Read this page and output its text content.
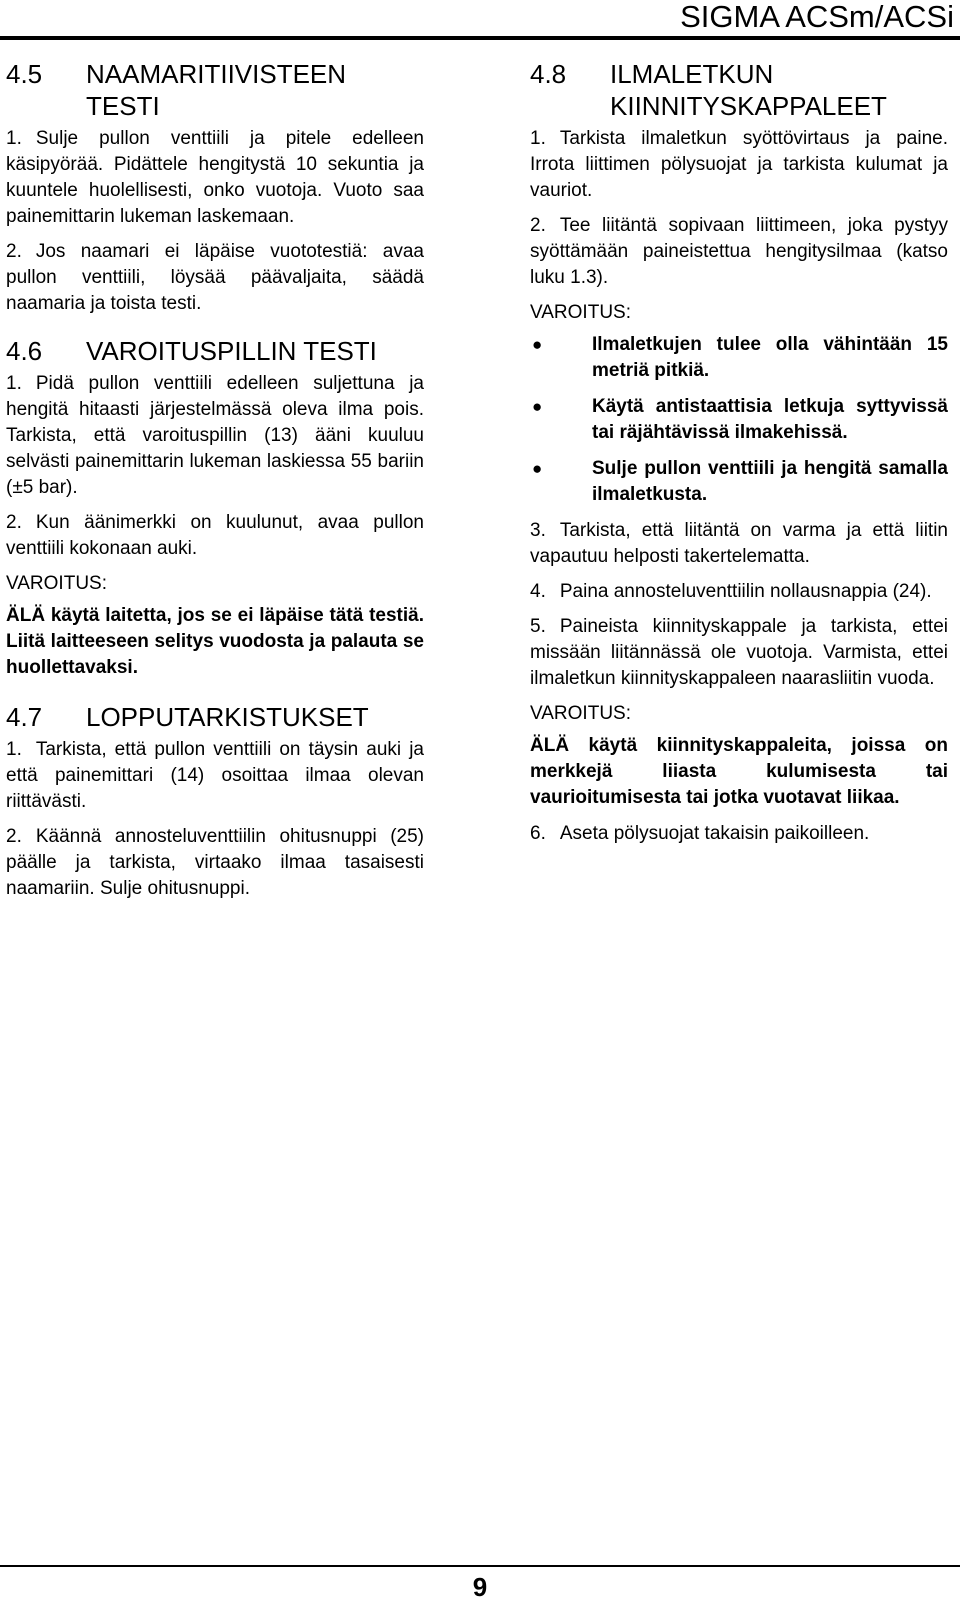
SIGMA ACSm/ACSi
4.5	NAAMARITIIVISTEEN TESTI

1. Sulje pullon venttiili ja pitele edelleen käsipyörää. Pidättele hengitystä 10 sekuntia ja kuuntele huolellisesti, onko vuotoja. Vuoto saa painemittarin lukeman laskemaan.

2. Jos naamari ei läpäise vuototestiä: avaa pullon venttiili, löysää päävaljaita, säädä naamaria ja toista testi.

4.6	VAROITUSPILLIN TESTI

1. Pidä pullon venttiili edelleen suljettuna ja hengitä hitaasti järjestelmässä oleva ilma pois. Tarkista, että varoituspillin (13) ääni kuuluu selvästi painemittarin lukeman laskiessa 55 bariin (±5 bar).

2. Kun äänimerkki on kuulunut, avaa pullon venttiili kokonaan auki.

VAROITUS:

ÄLÄ käytä laitetta, jos se ei läpäise tätä testiä. Liitä laitteeseen selitys vuodosta ja palauta se huollettavaksi.

4.7	LOPPUTARKISTUKSET

1. Tarkista, että pullon venttiili on täysin auki ja että painemittari (14) osoittaa ilmaa olevan riittävästi.

2. Käännä annosteluventtiilin ohitusnuppi (25) päälle ja tarkista, virtaako ilmaa tasaisesti naamariin. Sulje ohitusnuppi.

4.8	ILMALETKUN KIINNITYSKAPPALEET

1. Tarkista ilmaletkun syöttövirtaus ja paine. Irrota liittimen pölysuojat ja tarkista kulumat ja vauriot.

2. Tee liitäntä sopivaan liittimeen, joka pystyy syöttämään paineistettua hengitysilmaa (katso luku 1.3).

VAROITUS:
●	Ilmaletkujen tulee olla vähintään 15 metriä pitkiä.
●	Käytä antistaattisia letkuja syttyvissä tai räjähtävissä ilmakehissä.
●	Sulje pullon venttiili ja hengitä samalla ilmaletkusta.

3. Tarkista, että liitäntä on varma ja että liitin vapautuu helposti takertelematta.

4. Paina annosteluventtiilin nollausnappia (24).

5. Paineista kiinnityskappale ja tarkista, ettei missään liitännässä ole vuotoja. Varmista, ettei ilmaletkun kiinnityskappaleen naarasliitin vuoda.

VAROITUS:

ÄLÄ käytä kiinnityskappaleita, joissa on merkkejä liiasta kulumisesta tai vaurioitumisesta tai jotka vuotavat liikaa.

6. Aseta pölysuojat takaisin paikoilleen.

9
